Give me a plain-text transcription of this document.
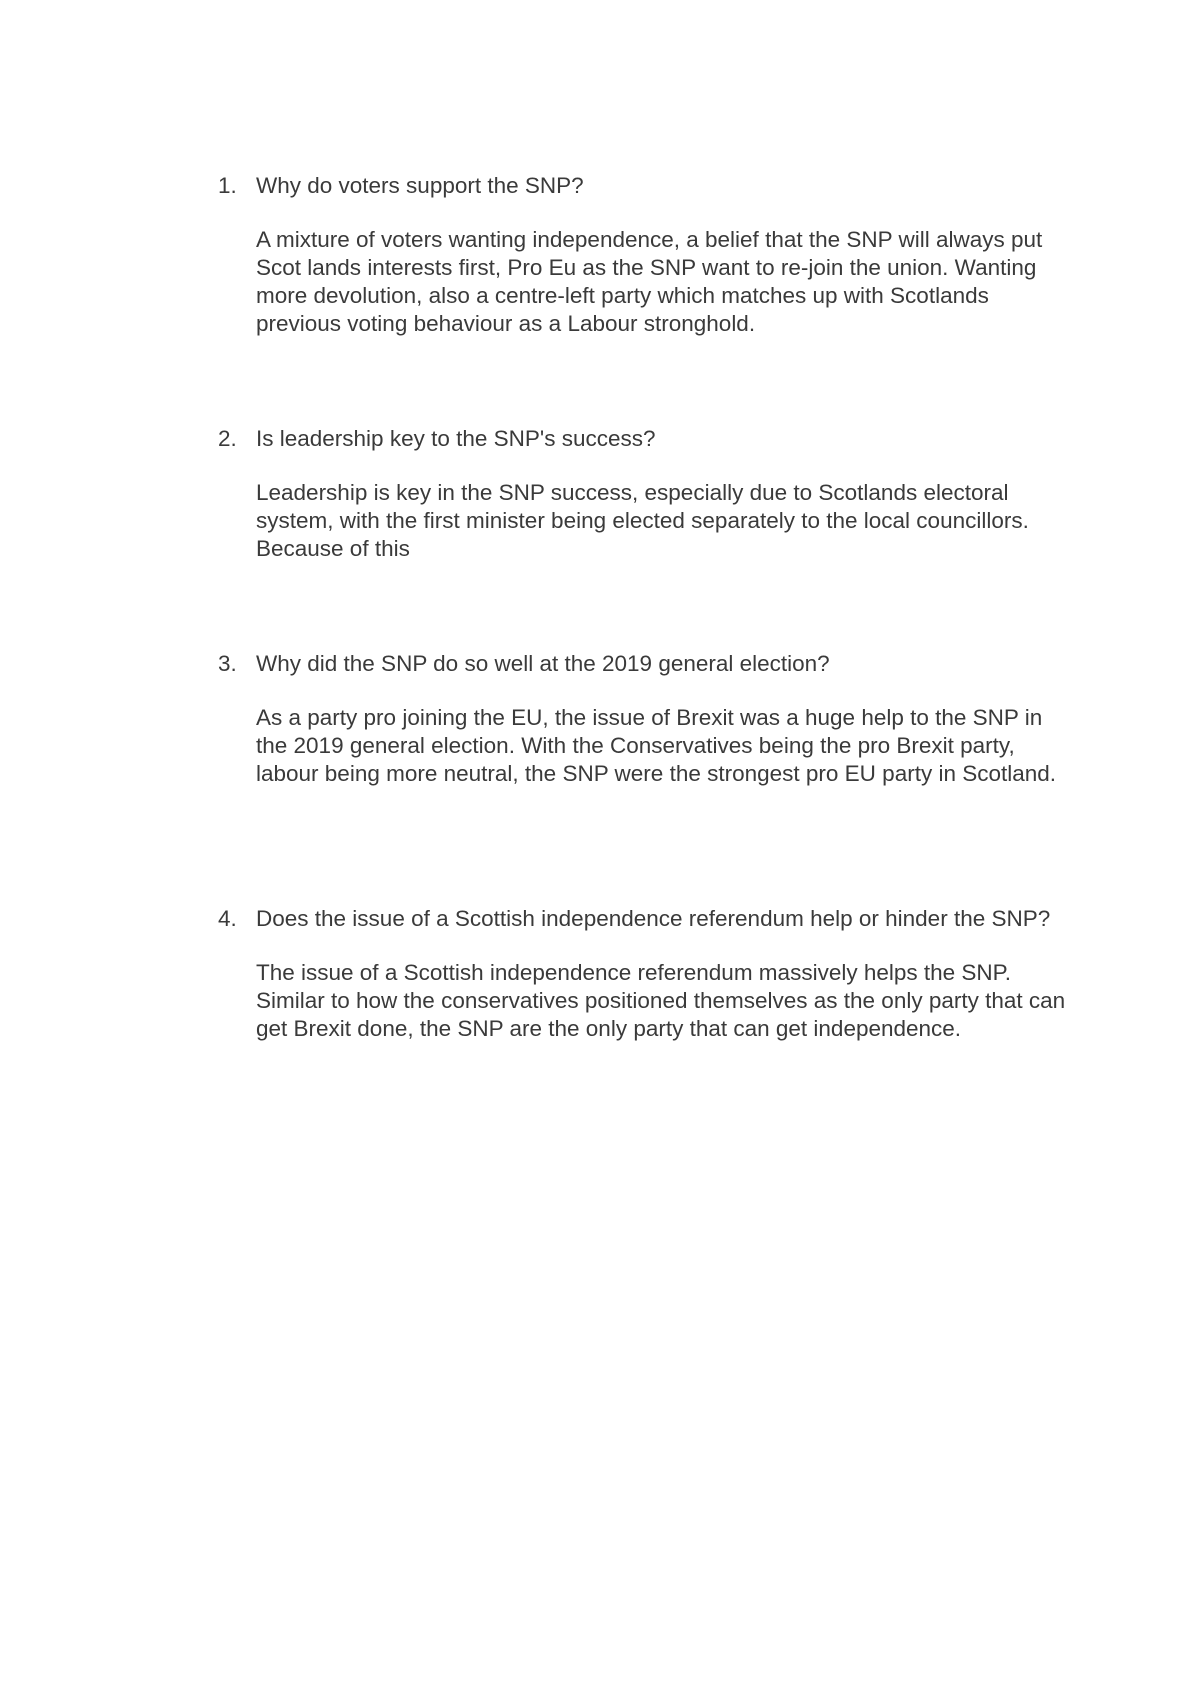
1. Why do voters support the SNP?
A mixture of voters wanting independence, a belief that the SNP will always put Scot lands interests first, Pro Eu as the SNP want to re-join the union. Wanting more devolution, also a centre-left party which matches up with Scotlands previous voting behaviour as a Labour stronghold.
2. Is leadership key to the SNP's success?
Leadership is key in the SNP success, especially due to Scotlands electoral system, with the first minister being elected separately to the local councillors. Because of this
3. Why did the SNP do so well at the 2019 general election?
As a party pro joining the EU, the issue of Brexit was a huge help to the SNP in the 2019 general election. With the Conservatives being the pro Brexit party, labour being more neutral, the SNP were the strongest pro EU party in Scotland.
4. Does the issue of a Scottish independence referendum help or hinder the SNP?
The issue of a Scottish independence referendum massively helps the SNP. Similar to how the conservatives positioned themselves as the only party that can get Brexit done, the SNP are the only party that can get independence.
